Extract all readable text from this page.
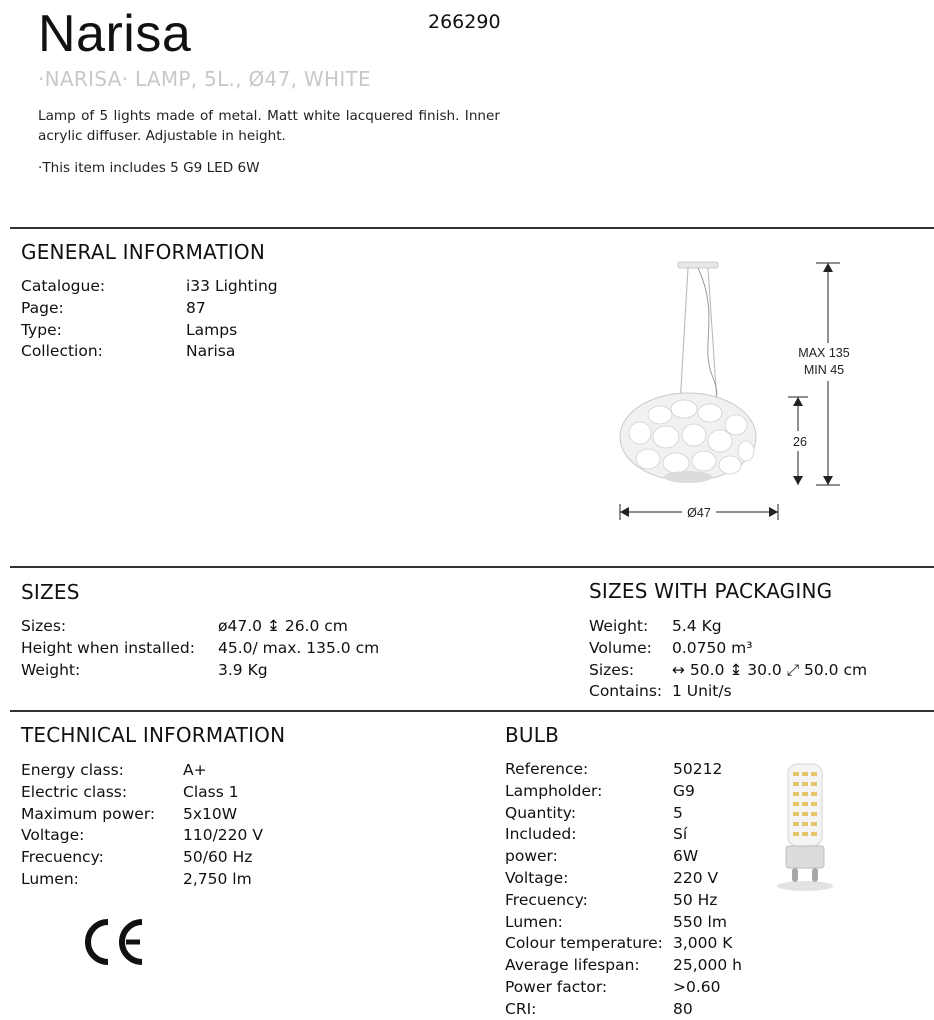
Narisa	266290
·NARISA· LAMP, 5L., Ø47, WHITE
Lamp of 5 lights made of metal. Matt white lacquered finish. Inner acrylic diffuser. Adjustable in height.
·This item includes 5 G9 LED 6W
GENERAL INFORMATION
Catalogue:	i33 Lighting
Page:	87
Type:	Lamps
Collection:	Narisa	MAX 135
MIN 45
26
Ø47
SIZES
Sizes:	ø47.0 ↨ 26.0 cm
Height when installed:	45.0/ max. 135.0 cm
Weight:	3.9 Kg
SIZES WITH PACKAGING
Weight:	5.4 Kg
Volume:	0.0750 m³
Sizes:	↔ 50.0 ↨ 30.0 ⤢ 50.0 cm
Contains: 1 Unit/s
TECHNICAL INFORMATION
Energy class:	A+
Electric class:	Class 1
Maximum power:	5x10W
Voltage:	110/220 V
Frecuency:	50/60 Hz
Lumen:	2,750 lm
BULB
Reference:	50212
Lampholder:	G9
Quantity:	5
Included:	Sí
power:	6W
Voltage:	220 V
Frecuency:	50 Hz
Lumen:	550 lm
Colour temperature: 3,000 K
Average lifespan:	25,000 h
Power factor:	>0.60
CRI:	80
